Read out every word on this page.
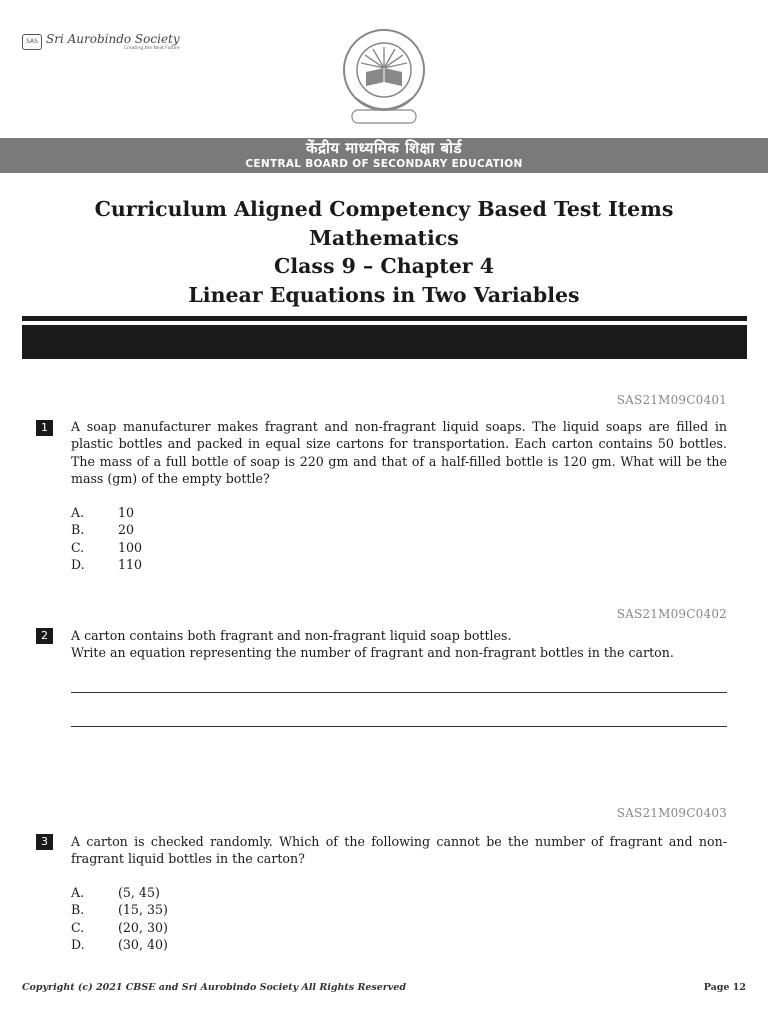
SAS Sri Aurobindo Society
Creating the Next Future
केंद्रीय माध्यमिक शिक्षा बोर्ड
CENTRAL BOARD OF SECONDARY EDUCATION
Curriculum Aligned Competency Based Test Items
Mathematics
Class 9 – Chapter 4
Linear Equations in Two Variables
SAS21M09C0401
1	A soap manufacturer makes fragrant and non-fragrant liquid soaps. The liquid soaps are filled in plastic bottles and packed in equal size cartons for transportation. Each carton contains 50 bottles. The mass of a full bottle of soap is 220 gm and that of a half-filled bottle is 120 gm. What will be the mass (gm) of the empty bottle?
A.	10
B.	20
C.	100
D.	110
SAS21M09C0402
2	A carton contains both fragrant and non-fragrant liquid soap bottles.
Write an equation representing the number of fragrant and non-fragrant bottles in the carton.
SAS21M09C0403
3	A carton is checked randomly. Which of the following cannot be the number of fragrant and non-fragrant liquid bottles in the carton?
A.	(5, 45)
B.	(15, 35)
C.	(20, 30)
D.	(30, 40)
Copyright (c) 2021 CBSE and Sri Aurobindo Society All Rights Reserved	Page 12
